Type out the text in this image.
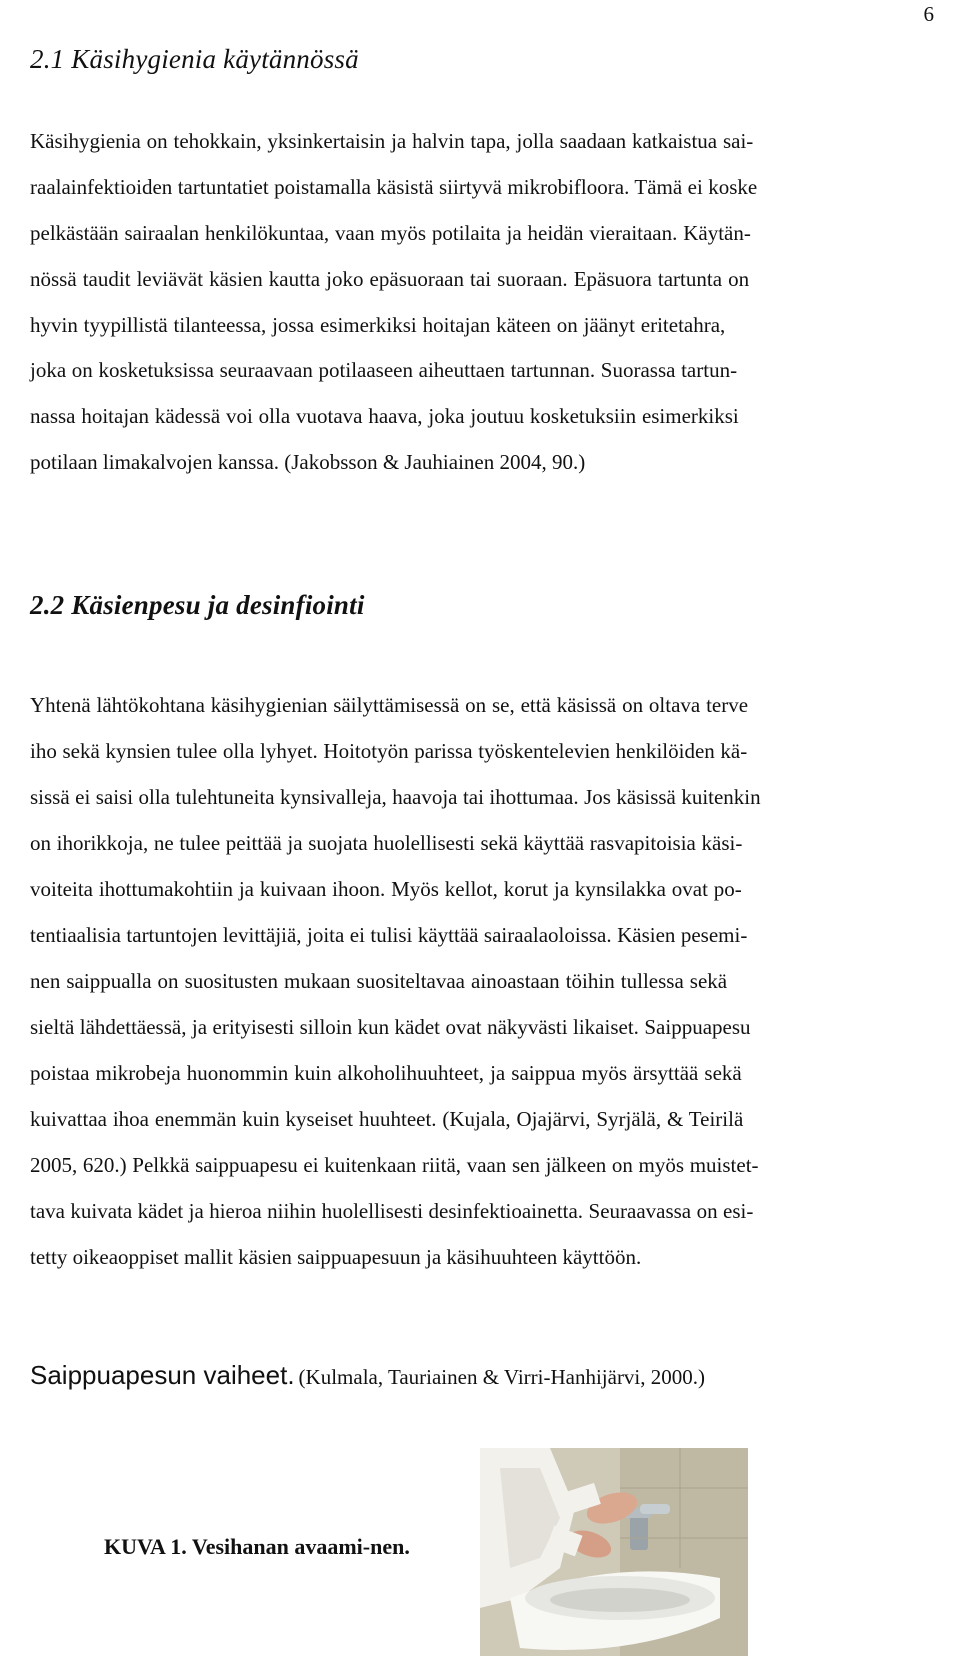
6
2.1 Käsihygienia käytännössä
Käsihygienia on tehokkain, yksinkertaisin ja halvin tapa, jolla saadaan katkaistua sai-
raalainfektioiden tartuntatiet poistamalla käsistä siirtyvä mikrobifloora. Tämä ei koske
pelkästään sairaalan henkilökuntaa, vaan myös potilaita ja heidän vieraitaan. Käytän-
nössä taudit leviävät käsien kautta joko epäsuoraan tai suoraan. Epäsuora tartunta on
hyvin tyypillistä tilanteessa, jossa esimerkiksi hoitajan käteen on jäänyt eritetahra,
joka on kosketuksissa seuraavaan potilaaseen aiheuttaen tartunnan. Suorassa tartun-
nassa hoitajan kädessä voi olla vuotava haava, joka joutuu kosketuksiin esimerkiksi
potilaan limakalvojen kanssa. (Jakobsson & Jauhiainen 2004, 90.)
2.2 Käsienpesu ja desinfiointi
Yhtenä lähtökohtana käsihygienian säilyttämisessä on se, että käsissä on oltava terve
iho sekä kynsien tulee olla lyhyet. Hoitotyön parissa työskentelevien henkilöiden kä-
sissä ei saisi olla tulehtuneita kynsivalleja, haavoja tai ihottumaa. Jos käsissä kuitenkin
on ihorikkoja, ne tulee peittää ja suojata huolellisesti sekä käyttää rasvapitoisia käsi-
voiteita ihottumakohtiin ja kuivaan ihoon. Myös kellot, korut ja kynsilakka ovat po-
tentiaalisia tartuntojen levittäjiä, joita ei tulisi käyttää sairaalaoloissa. Käsien pesemi-
nen saippualla on suositusten mukaan suositeltavaa ainoastaan töihin tullessa sekä
sieltä lähdettäessä, ja erityisesti silloin kun kädet ovat näkyvästi likaiset. Saippuapesu
poistaa mikrobeja huonommin kuin alkoholihuuhteet, ja saippua myös ärsyttää sekä
kuivattaa ihoa enemmän kuin kyseiset huuhteet. (Kujala, Ojajärvi, Syrjälä, & Teirilä
2005, 620.) Pelkkä saippuapesu ei kuitenkaan riitä, vaan sen jälkeen on myös muistet-
tava kuivata kädet ja hieroa niihin huolellisesti desinfektioainetta. Seuraavassa on esi-
tetty oikeaoppiset mallit käsien saippuapesuun ja käsihuuhteen käyttöön.
Saippuapesun vaiheet. (Kulmala, Tauriainen & Virri-Hanhijärvi, 2000.)
KUVA 1. Vesihanan avaami-nen.
